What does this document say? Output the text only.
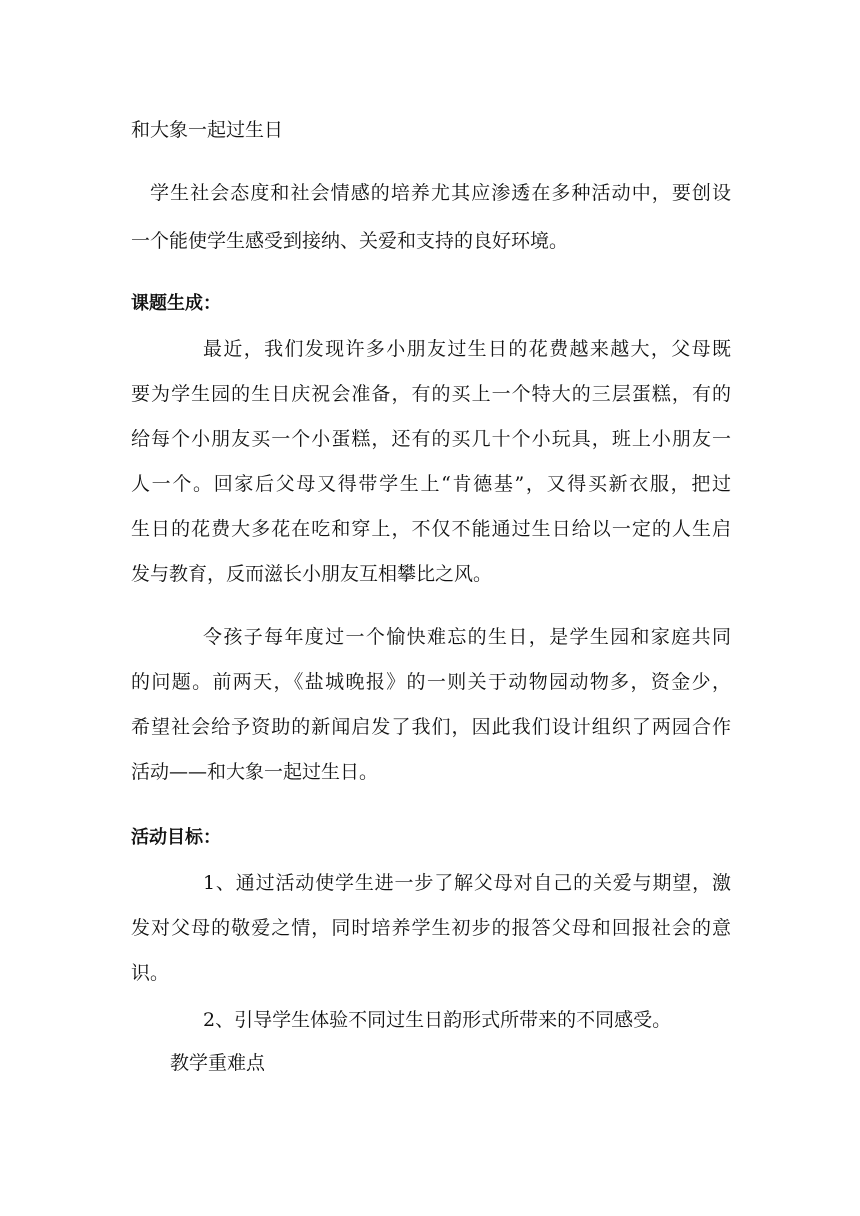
和大象一起过生日
学生社会态度和社会情感的培养尤其应渗透在多种活动中，要创设
一个能使学生感受到接纳、关爱和支持的良好环境。
课题生成：
最近，我们发现许多小朋友过生日的花费越来越大，父母既
要为学生园的生日庆祝会准备，有的买上一个特大的三层蛋糕，有的
给每个小朋友买一个小蛋糕，还有的买几十个小玩具，班上小朋友一
人一个。回家后父母又得带学生上“肯德基”，又得买新衣服，把过
生日的花费大多花在吃和穿上，不仅不能通过生日给以一定的人生启
发与教育，反而滋长小朋友互相攀比之风。
令孩子每年度过一个愉快难忘的生日，是学生园和家庭共同
的问题。前两天，《盐城晚报》的一则关于动物园动物多，资金少，
希望社会给予资助的新闻启发了我们，因此我们设计组织了两园合作
活动——和大象一起过生日。
活动目标：
1、通过活动使学生进一步了解父母对自己的关爱与期望，激
发对父母的敬爱之情，同时培养学生初步的报答父母和回报社会的意
识。
2、引导学生体验不同过生日韵形式所带来的不同感受。
教学重难点
